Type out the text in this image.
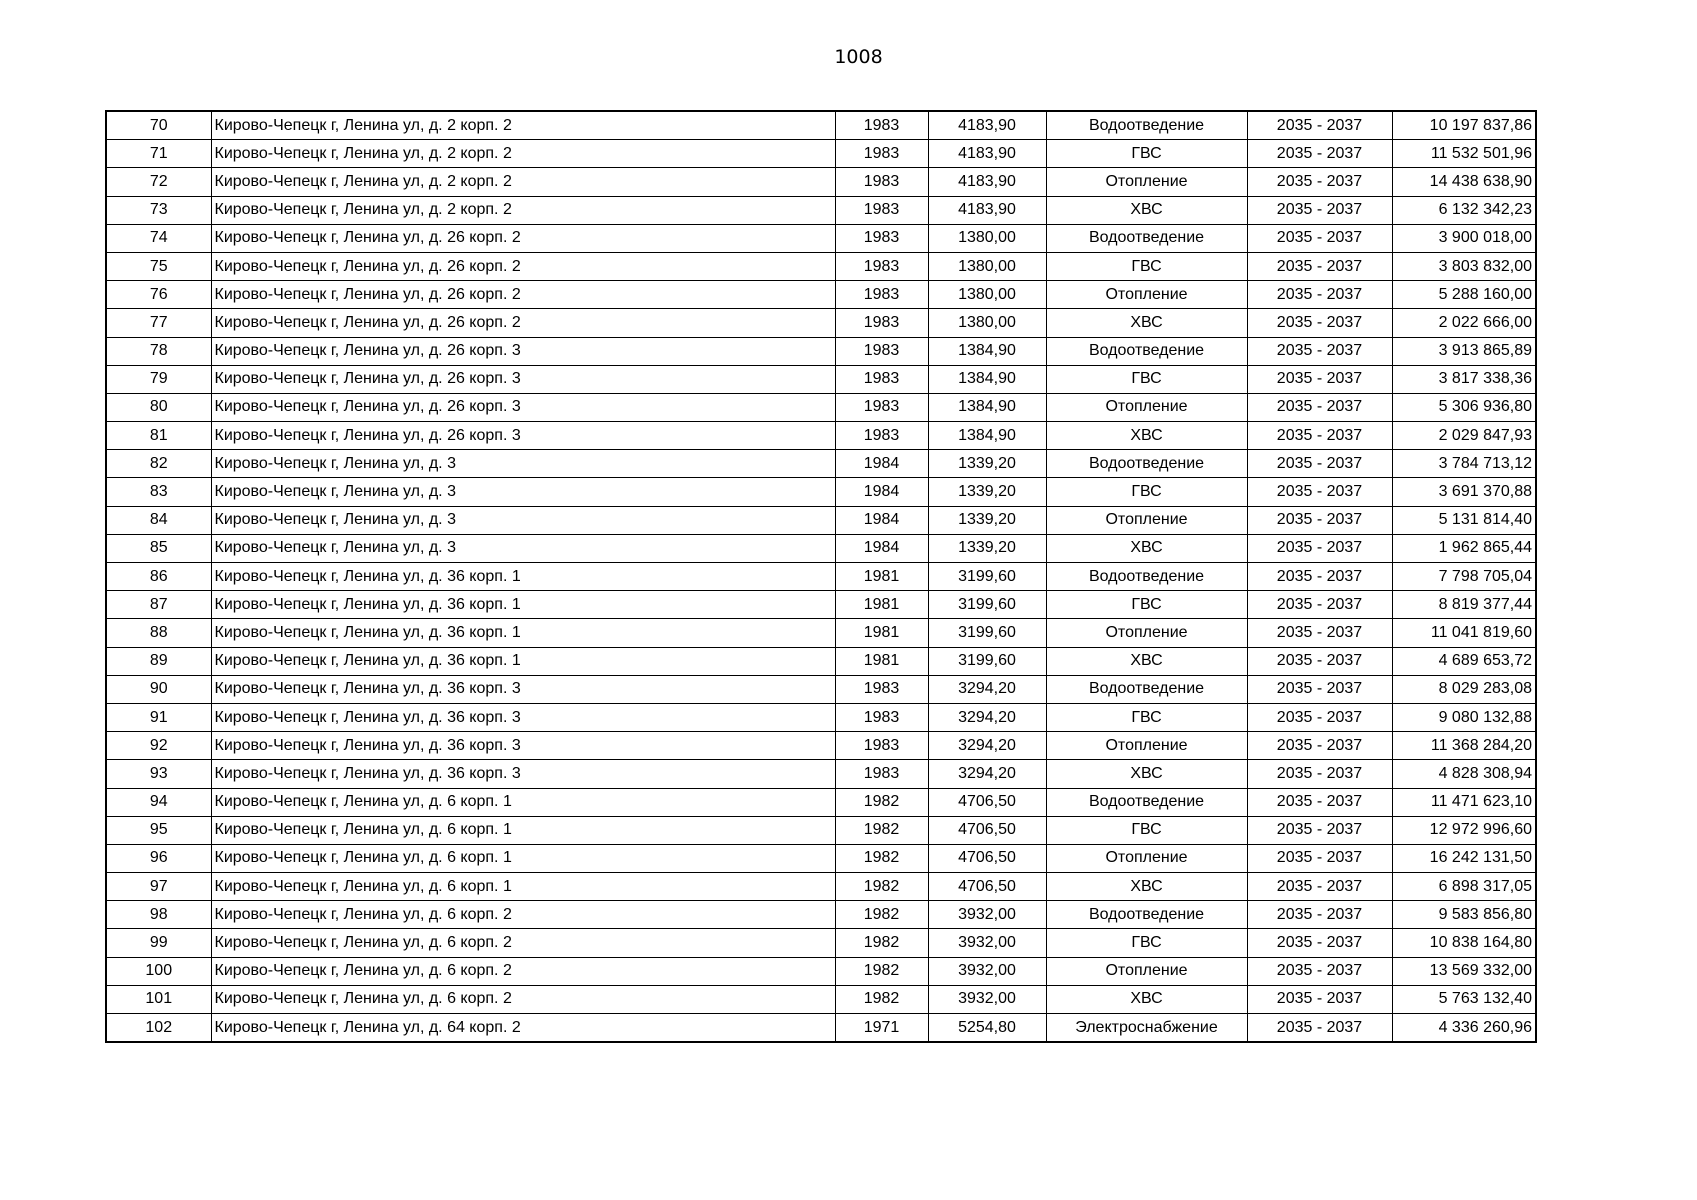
1008
70	Кирово-Чепецк г, Ленина ул, д. 2 корп. 2	1983	4183,90	Водоотведение	2035 - 2037	10 197 837,86
71	Кирово-Чепецк г, Ленина ул, д. 2 корп. 2	1983	4183,90	ГВС	2035 - 2037	11 532 501,96
72	Кирово-Чепецк г, Ленина ул, д. 2 корп. 2	1983	4183,90	Отопление	2035 - 2037	14 438 638,90
73	Кирово-Чепецк г, Ленина ул, д. 2 корп. 2	1983	4183,90	ХВС	2035 - 2037	6 132 342,23
74	Кирово-Чепецк г, Ленина ул, д. 26 корп. 2	1983	1380,00	Водоотведение	2035 - 2037	3 900 018,00
75	Кирово-Чепецк г, Ленина ул, д. 26 корп. 2	1983	1380,00	ГВС	2035 - 2037	3 803 832,00
76	Кирово-Чепецк г, Ленина ул, д. 26 корп. 2	1983	1380,00	Отопление	2035 - 2037	5 288 160,00
77	Кирово-Чепецк г, Ленина ул, д. 26 корп. 2	1983	1380,00	ХВС	2035 - 2037	2 022 666,00
78	Кирово-Чепецк г, Ленина ул, д. 26 корп. 3	1983	1384,90	Водоотведение	2035 - 2037	3 913 865,89
79	Кирово-Чепецк г, Ленина ул, д. 26 корп. 3	1983	1384,90	ГВС	2035 - 2037	3 817 338,36
80	Кирово-Чепецк г, Ленина ул, д. 26 корп. 3	1983	1384,90	Отопление	2035 - 2037	5 306 936,80
81	Кирово-Чепецк г, Ленина ул, д. 26 корп. 3	1983	1384,90	ХВС	2035 - 2037	2 029 847,93
82	Кирово-Чепецк г, Ленина ул, д. 3	1984	1339,20	Водоотведение	2035 - 2037	3 784 713,12
83	Кирово-Чепецк г, Ленина ул, д. 3	1984	1339,20	ГВС	2035 - 2037	3 691 370,88
84	Кирово-Чепецк г, Ленина ул, д. 3	1984	1339,20	Отопление	2035 - 2037	5 131 814,40
85	Кирово-Чепецк г, Ленина ул, д. 3	1984	1339,20	ХВС	2035 - 2037	1 962 865,44
86	Кирово-Чепецк г, Ленина ул, д. 36 корп. 1	1981	3199,60	Водоотведение	2035 - 2037	7 798 705,04
87	Кирово-Чепецк г, Ленина ул, д. 36 корп. 1	1981	3199,60	ГВС	2035 - 2037	8 819 377,44
88	Кирово-Чепецк г, Ленина ул, д. 36 корп. 1	1981	3199,60	Отопление	2035 - 2037	11 041 819,60
89	Кирово-Чепецк г, Ленина ул, д. 36 корп. 1	1981	3199,60	ХВС	2035 - 2037	4 689 653,72
90	Кирово-Чепецк г, Ленина ул, д. 36 корп. 3	1983	3294,20	Водоотведение	2035 - 2037	8 029 283,08
91	Кирово-Чепецк г, Ленина ул, д. 36 корп. 3	1983	3294,20	ГВС	2035 - 2037	9 080 132,88
92	Кирово-Чепецк г, Ленина ул, д. 36 корп. 3	1983	3294,20	Отопление	2035 - 2037	11 368 284,20
93	Кирово-Чепецк г, Ленина ул, д. 36 корп. 3	1983	3294,20	ХВС	2035 - 2037	4 828 308,94
94	Кирово-Чепецк г, Ленина ул, д. 6 корп. 1	1982	4706,50	Водоотведение	2035 - 2037	11 471 623,10
95	Кирово-Чепецк г, Ленина ул, д. 6 корп. 1	1982	4706,50	ГВС	2035 - 2037	12 972 996,60
96	Кирово-Чепецк г, Ленина ул, д. 6 корп. 1	1982	4706,50	Отопление	2035 - 2037	16 242 131,50
97	Кирово-Чепецк г, Ленина ул, д. 6 корп. 1	1982	4706,50	ХВС	2035 - 2037	6 898 317,05
98	Кирово-Чепецк г, Ленина ул, д. 6 корп. 2	1982	3932,00	Водоотведение	2035 - 2037	9 583 856,80
99	Кирово-Чепецк г, Ленина ул, д. 6 корп. 2	1982	3932,00	ГВС	2035 - 2037	10 838 164,80
100	Кирово-Чепецк г, Ленина ул, д. 6 корп. 2	1982	3932,00	Отопление	2035 - 2037	13 569 332,00
101	Кирово-Чепецк г, Ленина ул, д. 6 корп. 2	1982	3932,00	ХВС	2035 - 2037	5 763 132,40
102	Кирово-Чепецк г, Ленина ул, д. 64 корп. 2	1971	5254,80	Электроснабжение	2035 - 2037	4 336 260,96
